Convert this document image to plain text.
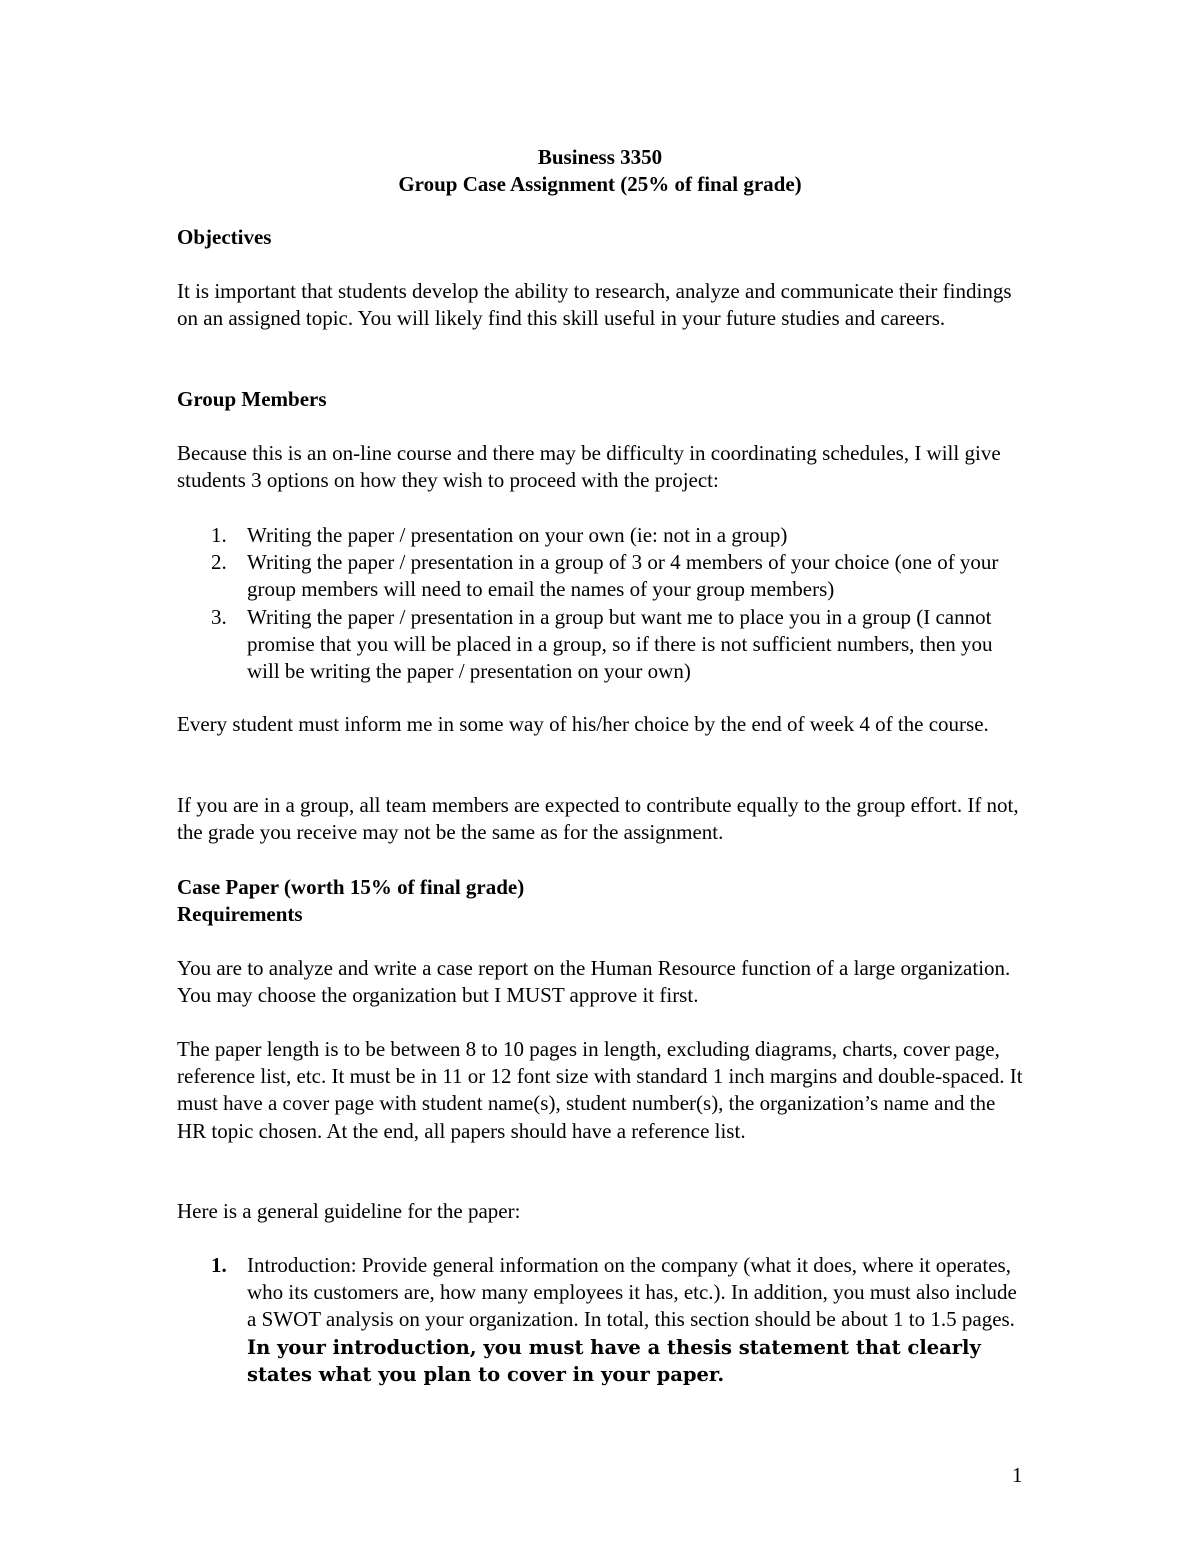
Business 3350
Group Case Assignment (25% of final grade)
Objectives

It is important that students develop the ability to research, analyze and communicate their findings on an assigned topic. You will likely find this skill useful in your future studies and careers.

Group Members

Because this is an on-line course and there may be difficulty in coordinating schedules, I will give students 3 options on how they wish to proceed with the project:

1. Writing the paper / presentation on your own (ie: not in a group)
2. Writing the paper / presentation in a group of 3 or 4 members of your choice (one of your group members will need to email the names of your group members)
3. Writing the paper / presentation in a group but want me to place you in a group (I cannot promise that you will be placed in a group, so if there is not sufficient numbers, then you will be writing the paper / presentation on your own)

Every student must inform me in some way of his/her choice by the end of week 4 of the course.

If you are in a group, all team members are expected to contribute equally to the group effort. If not, the grade you receive may not be the same as for the assignment.

Case Paper (worth 15% of final grade)
Requirements

You are to analyze and write a case report on the Human Resource function of a large organization. You may choose the organization but I MUST approve it first.

The paper length is to be between 8 to 10 pages in length, excluding diagrams, charts, cover page, reference list, etc. It must be in 11 or 12 font size with standard 1 inch margins and double-spaced. It must have a cover page with student name(s), student number(s), the organization’s name and the HR topic chosen. At the end, all papers should have a reference list.

Here is a general guideline for the paper:

1. Introduction: Provide general information on the company (what it does, where it operates, who its customers are, how many employees it has, etc.). In addition, you must also include a SWOT analysis on your organization. In total, this section should be about 1 to 1.5 pages. In your introduction, you must have a thesis statement that clearly states what you plan to cover in your paper.
1
